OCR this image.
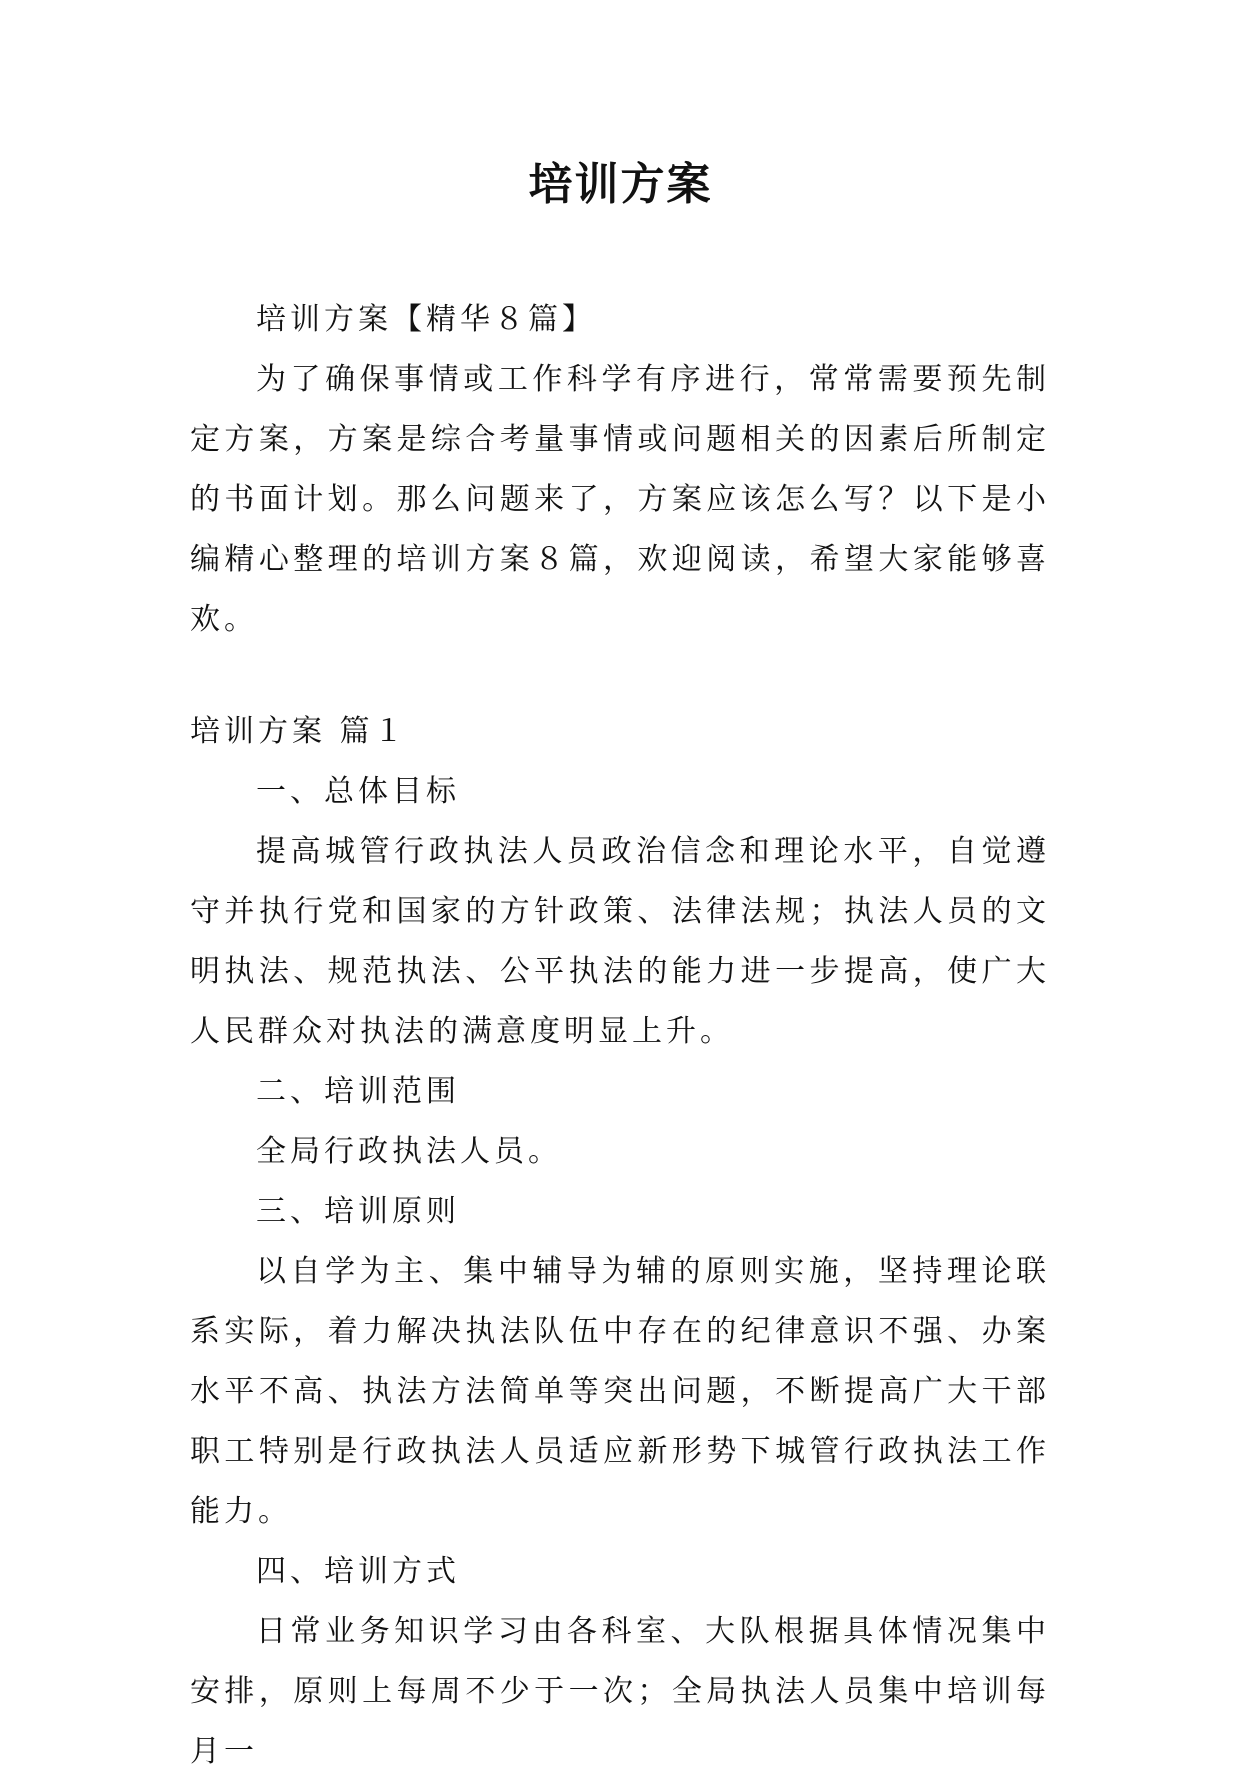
培训方案

培训方案【精华８篇】

为了确保事情或工作科学有序进行，常常需要预先制定方案，方案是综合考量事情或问题相关的因素后所制定的书面计划。那么问题来了，方案应该怎么写？以下是小编精心整理的培训方案８篇，欢迎阅读，希望大家能够喜欢。

培训方案 篇１

一、总体目标

提高城管行政执法人员政治信念和理论水平，自觉遵守并执行党和国家的方针政策、法律法规；执法人员的文明执法、规范执法、公平执法的能力进一步提高，使广大人民群众对执法的满意度明显上升。

二、培训范围

全局行政执法人员。

三、培训原则

以自学为主、集中辅导为辅的原则实施，坚持理论联系实际，着力解决执法队伍中存在的纪律意识不强、办案水平不高、执法方法简单等突出问题，不断提高广大干部职工特别是行政执法人员适应新形势下城管行政执法工作能力。

四、培训方式

日常业务知识学习由各科室、大队根据具体情况集中安排，原则上每周不少于一次；全局执法人员集中培训每月一
